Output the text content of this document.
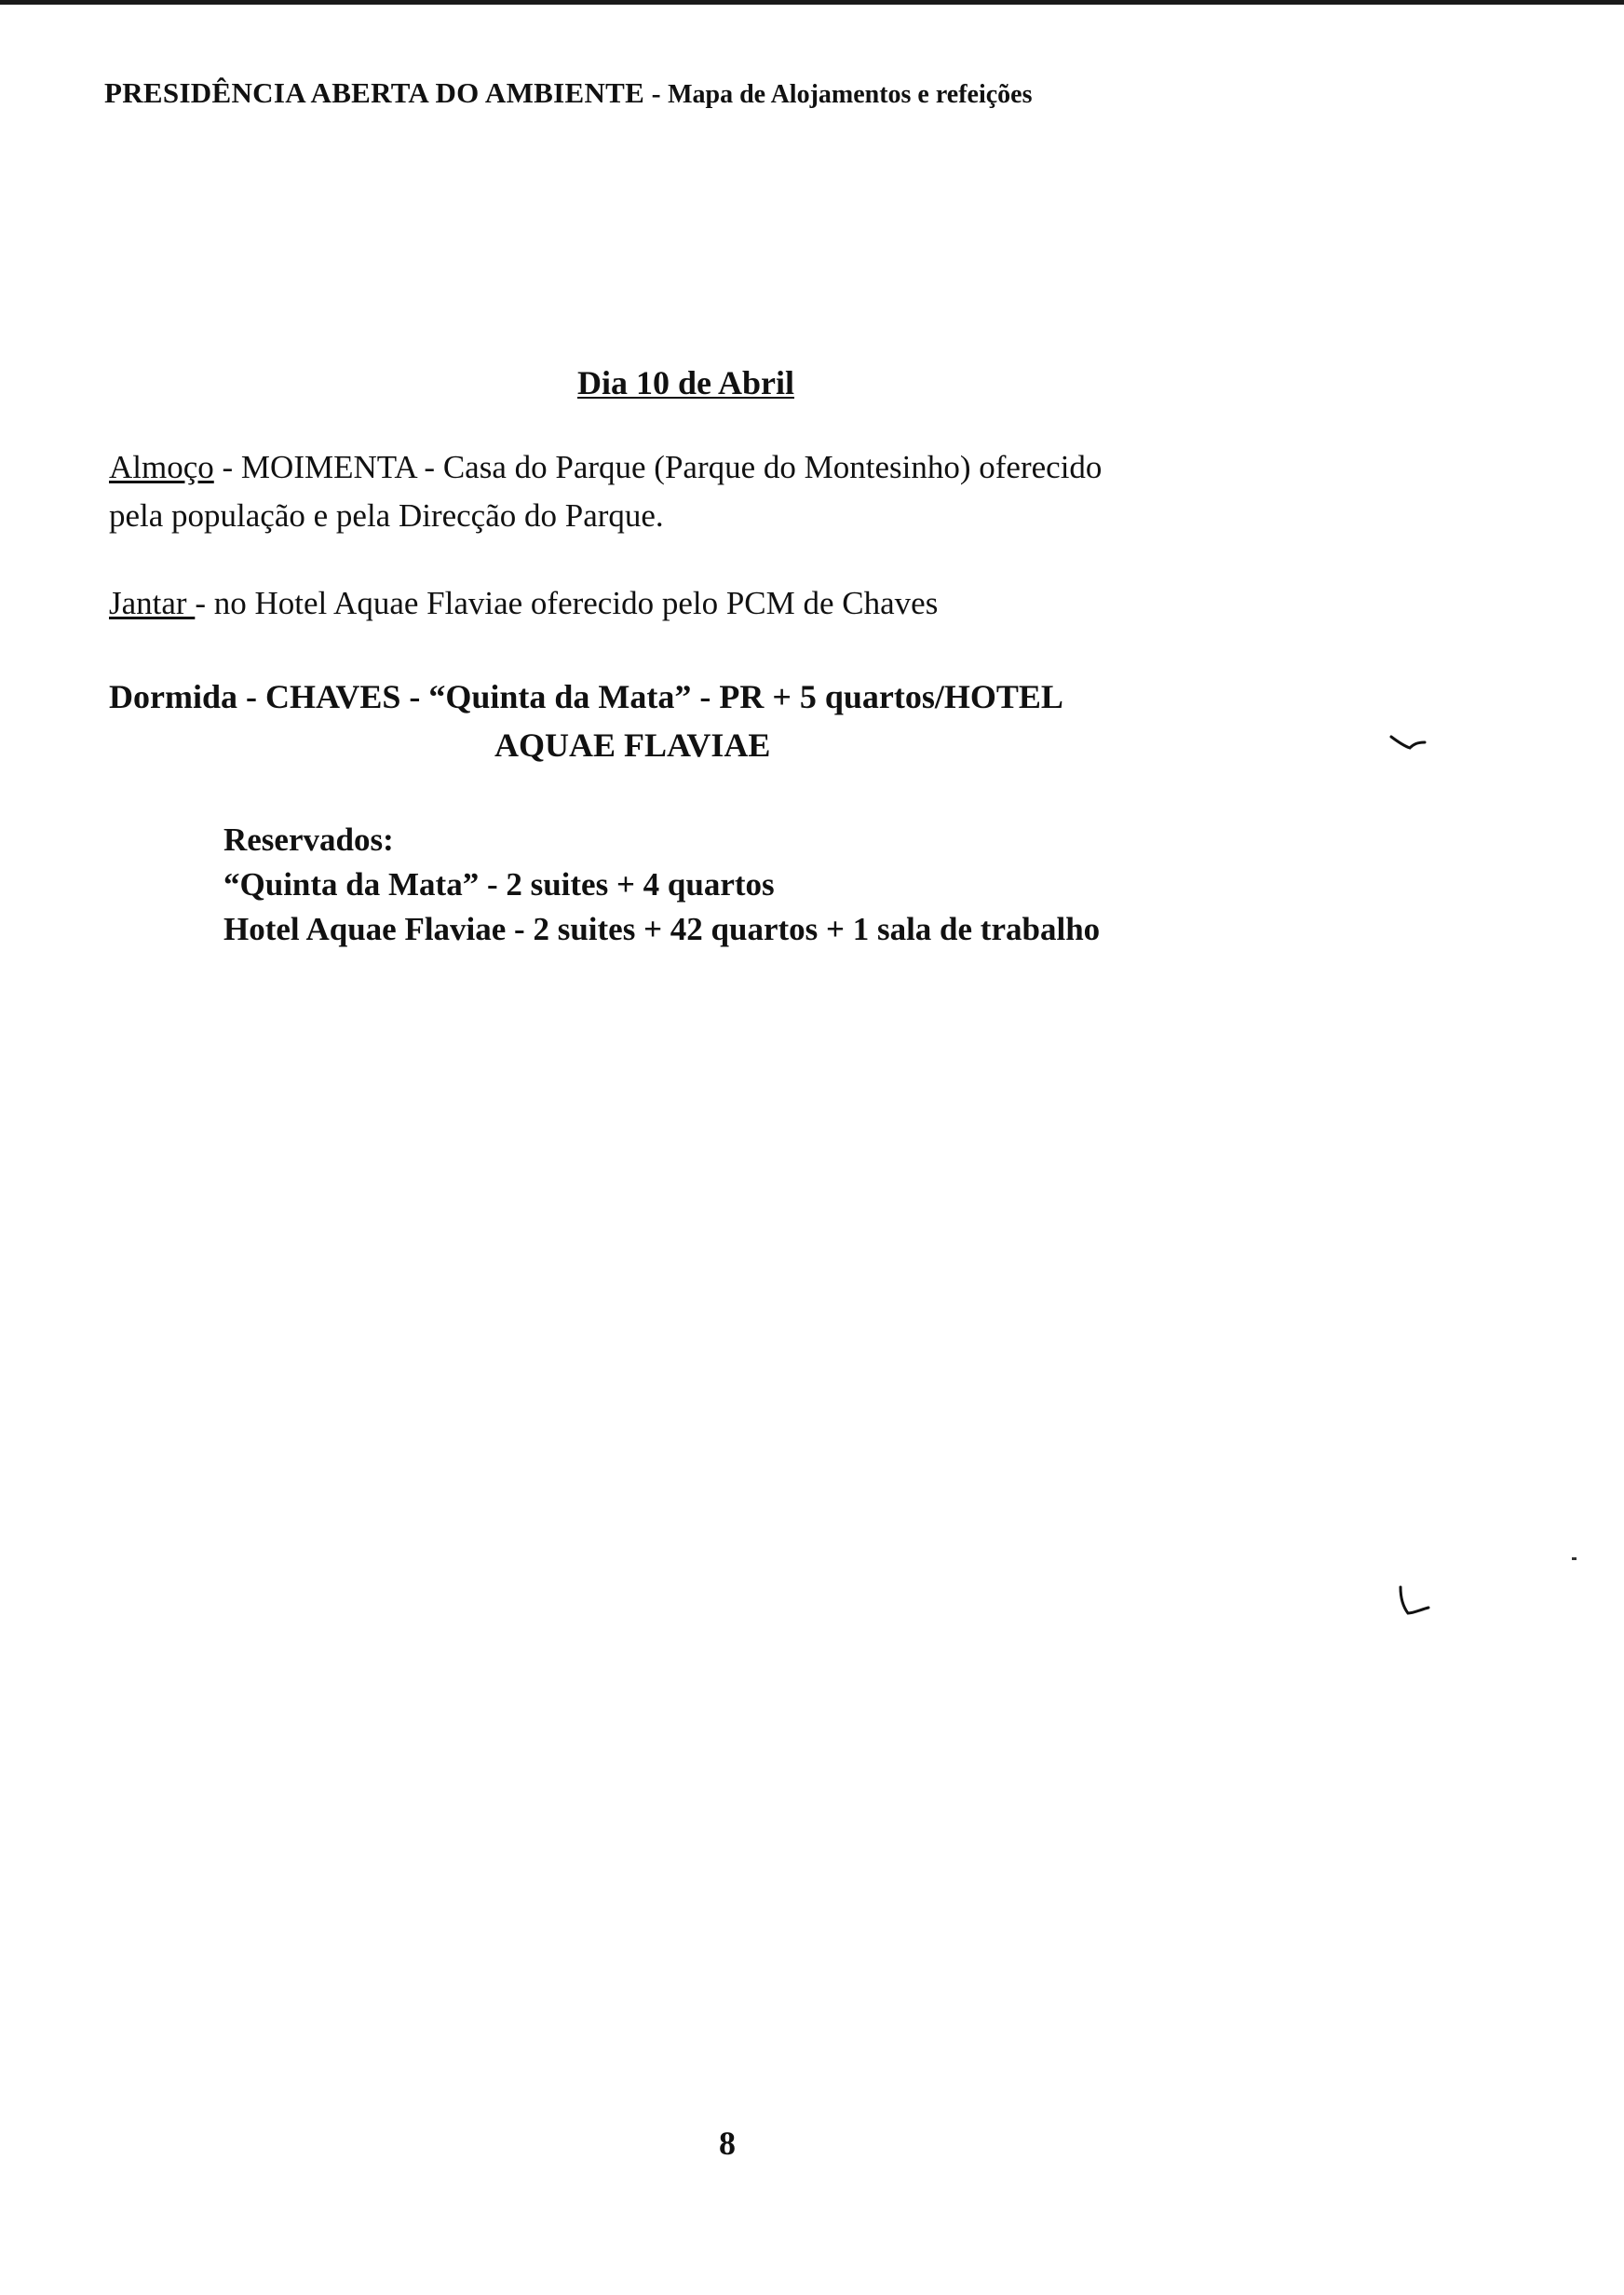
PRESIDÊNCIA ABERTA DO AMBIENTE - Mapa de Alojamentos e refeições
Dia 10 de Abril
Almoço - MOIMENTA - Casa do Parque (Parque do Montesinho) oferecido
pela população e pela Direcção do Parque.
Jantar - no Hotel Aquae Flaviae oferecido pelo PCM de Chaves
Dormida - CHAVES - “Quinta da Mata” - PR + 5 quartos/HOTEL
AQUAE FLAVIAE
Reservados:
“Quinta da Mata” - 2 suites + 4 quartos
Hotel Aquae Flaviae - 2 suites + 42 quartos + 1 sala de trabalho
8
